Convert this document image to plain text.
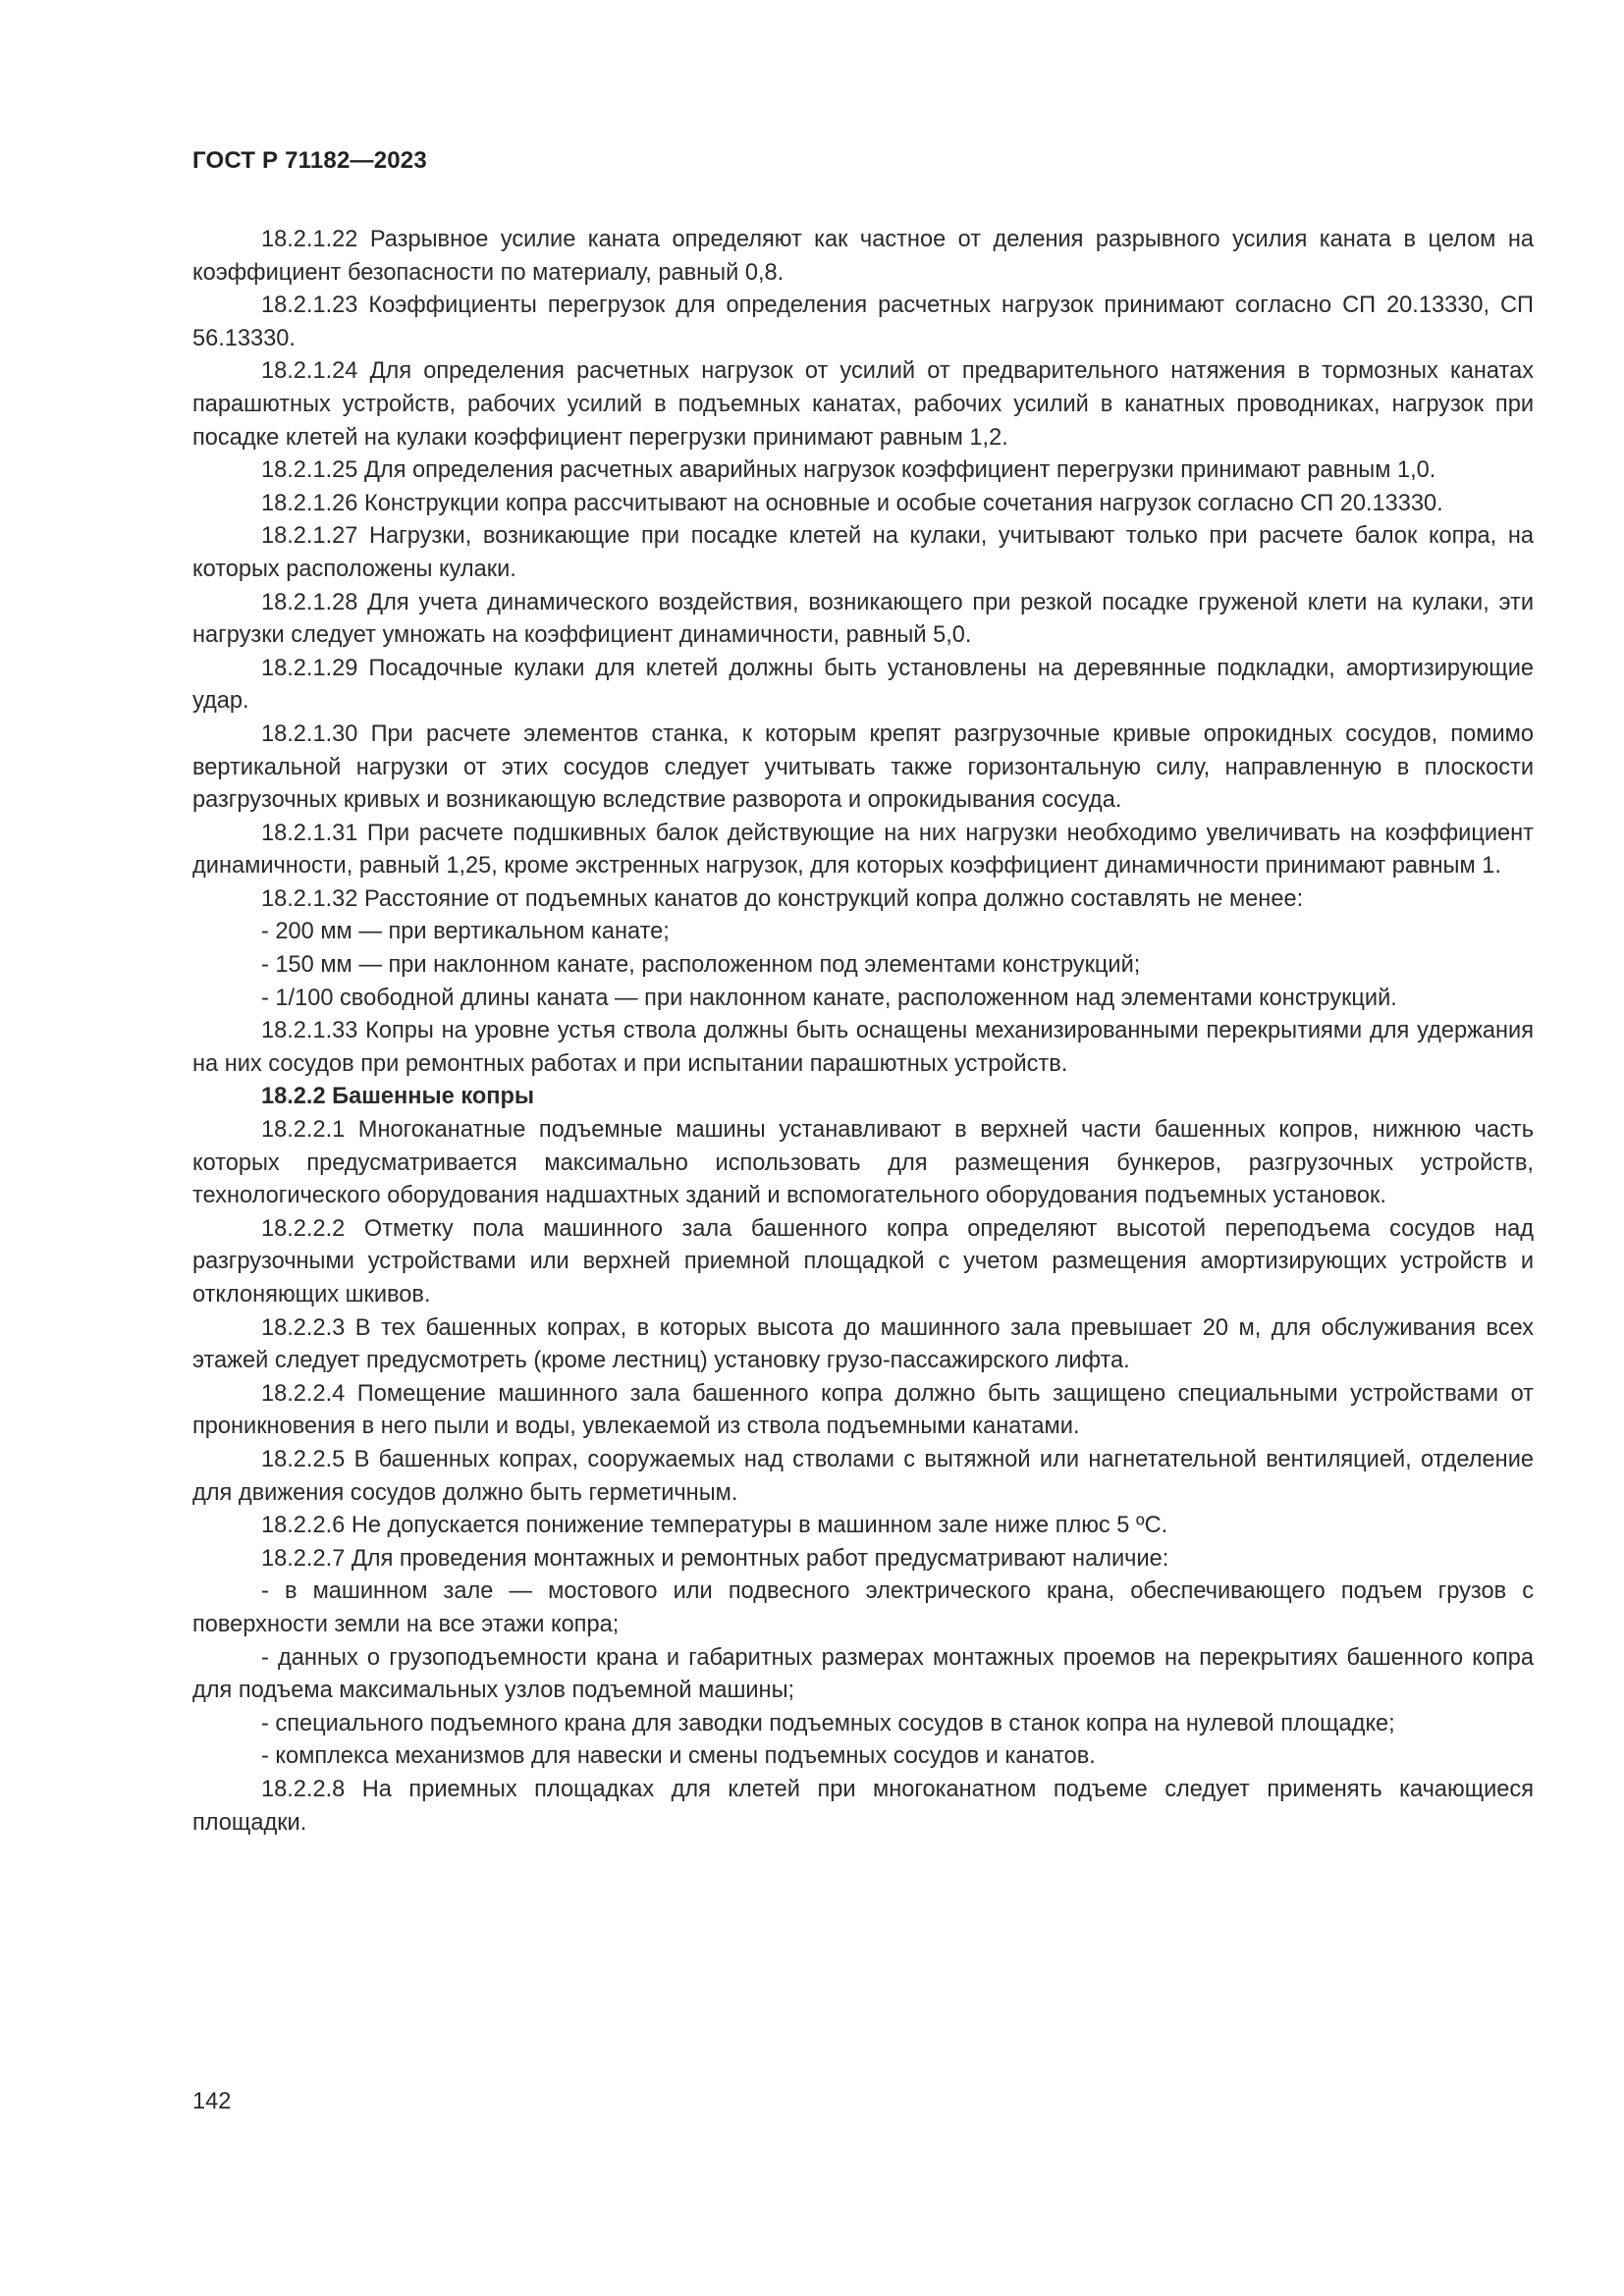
ГОСТ Р 71182—2023

18.2.1.22 Разрывное усилие каната определяют как частное от деления разрывного усилия каната в целом на коэффициент безопасности по материалу, равный 0,8.

18.2.1.23 Коэффициенты перегрузок для определения расчетных нагрузок принимают согласно СП 20.13330, СП 56.13330.

18.2.1.24 Для определения расчетных нагрузок от усилий от предварительного натяжения в тормозных канатах парашютных устройств, рабочих усилий в подъемных канатах, рабочих усилий в канатных проводниках, нагрузок при посадке клетей на кулаки коэффициент перегрузки принимают равным 1,2.

18.2.1.25 Для определения расчетных аварийных нагрузок коэффициент перегрузки принимают равным 1,0.

18.2.1.26 Конструкции копра рассчитывают на основные и особые сочетания нагрузок согласно СП 20.13330.

18.2.1.27 Нагрузки, возникающие при посадке клетей на кулаки, учитывают только при расчете балок копра, на которых расположены кулаки.

18.2.1.28 Для учета динамического воздействия, возникающего при резкой посадке груженой клети на кулаки, эти нагрузки следует умножать на коэффициент динамичности, равный 5,0.

18.2.1.29 Посадочные кулаки для клетей должны быть установлены на деревянные подкладки, амортизирующие удар.

18.2.1.30 При расчете элементов станка, к которым крепят разгрузочные кривые опрокидных сосудов, помимо вертикальной нагрузки от этих сосудов следует учитывать также горизонтальную силу, направленную в плоскости разгрузочных кривых и возникающую вследствие разворота и опрокидывания сосуда.

18.2.1.31 При расчете подшкивных балок действующие на них нагрузки необходимо увеличивать на коэффициент динамичности, равный 1,25, кроме экстренных нагрузок, для которых коэффициент динамичности принимают равным 1.

18.2.1.32 Расстояние от подъемных канатов до конструкций копра должно составлять не менее:

- 200 мм — при вертикальном канате;

- 150 мм — при наклонном канате, расположенном под элементами конструкций;

- 1/100 свободной длины каната — при наклонном канате, расположенном над элементами конструкций.

18.2.1.33 Копры на уровне устья ствола должны быть оснащены механизированными перекрытиями для удержания на них сосудов при ремонтных работах и при испытании парашютных устройств.

18.2.2 Башенные копры

18.2.2.1 Многоканатные подъемные машины устанавливают в верхней части башенных копров, нижнюю часть которых предусматривается максимально использовать для размещения бункеров, разгрузочных устройств, технологического оборудования надшахтных зданий и вспомогательного оборудования подъемных установок.

18.2.2.2 Отметку пола машинного зала башенного копра определяют высотой переподъема сосудов над разгрузочными устройствами или верхней приемной площадкой с учетом размещения амортизирующих устройств и отклоняющих шкивов.

18.2.2.3 В тех башенных копрах, в которых высота до машинного зала превышает 20 м, для обслуживания всех этажей следует предусмотреть (кроме лестниц) установку грузо-пассажирского лифта.

18.2.2.4 Помещение машинного зала башенного копра должно быть защищено специальными устройствами от проникновения в него пыли и воды, увлекаемой из ствола подъемными канатами.

18.2.2.5 В башенных копрах, сооружаемых над стволами с вытяжной или нагнетательной вентиляцией, отделение для движения сосудов должно быть герметичным.

18.2.2.6 Не допускается понижение температуры в машинном зале ниже плюс 5 ºС.

18.2.2.7 Для проведения монтажных и ремонтных работ предусматривают наличие:

- в машинном зале — мостового или подвесного электрического крана, обеспечивающего подъем грузов с поверхности земли на все этажи копра;

- данных о грузоподъемности крана и габаритных размерах монтажных проемов на перекрытиях башенного копра для подъема максимальных узлов подъемной машины;

- специального подъемного крана для заводки подъемных сосудов в станок копра на нулевой площадке;

- комплекса механизмов для навески и смены подъемных сосудов и канатов.

18.2.2.8 На приемных площадках для клетей при многоканатном подъеме следует применять качающиеся площадки.

142
